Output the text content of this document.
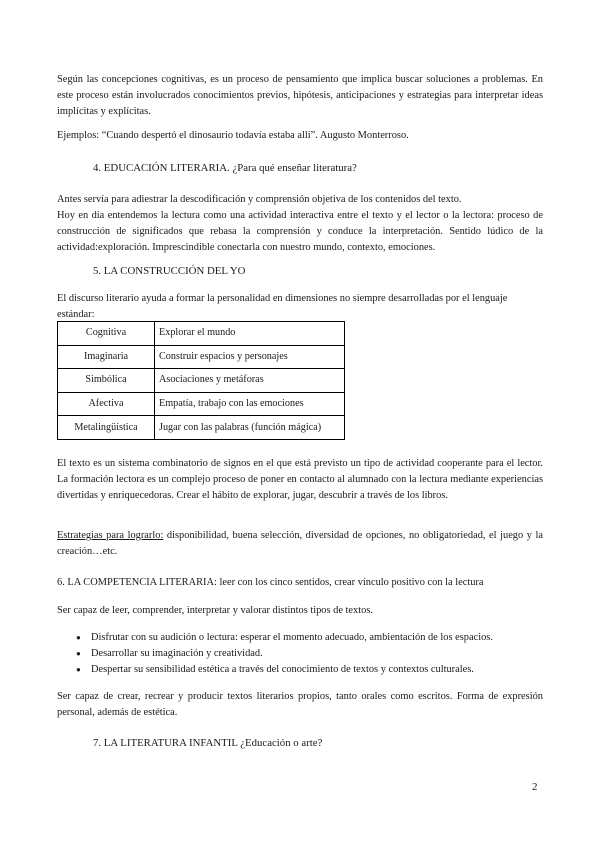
Según las concepciones cognitivas, es un proceso de pensamiento que implica buscar soluciones a problemas. En este proceso están involucrados conocimientos previos, hipótesis, anticipaciones y estrategias para interpretar ideas implícitas y explícitas.

Ejemplos: “Cuando despertó el dinosaurio todavía estaba allí”. Augusto Monterroso.

4. EDUCACIÓN LITERARIA. ¿Para qué enseñar literatura?

Antes servía para adiestrar la descodificación y comprensión objetiva de los contenidos del texto.

Hoy en día entendemos la lectura como una actividad interactiva entre el texto y el lector o la lectora: proceso de construcción de significados que rebasa la comprensión y conduce la interpretación. Sentido lúdico de la actividad:exploración. Imprescindible conectarla con nuestro mundo, contexto, emociones.

5. LA CONSTRUCCIÓN DEL YO

El discurso literario ayuda a formar la personalidad en dimensiones no siempre desarrolladas por el lenguaje estándar:

Cognitiva	Explorar el mundo
Imaginaria	Construir espacios y personajes
Simbólica	Asociaciones y metáforas
Afectiva	Empatía, trabajo con las emociones
Metalingüística	Jugar con las palabras (función mágica)

El texto es un sistema combinatorio de signos en el que está previsto un tipo de actividad cooperante para el lector. La formación lectora es un complejo proceso de poner en contacto al alumnado con la lectura mediante experiencias divertidas y enriquecedoras. Crear el hábito de explorar, jugar, descubrir a través de los libros.

Estrategias para lograrlo: disponibilidad, buena selección, diversidad de opciones, no obligatoriedad, el juego y la creación…etc.

6. LA COMPETENCIA LITERARIA: leer con los cinco sentidos, crear vínculo positivo con la lectura

Ser capaz de leer, comprender, interpretar y valorar distintos tipos de textos.

● Disfrutar con su audición o lectura: esperar el momento adecuado, ambientación de los espacios.
● Desarrollar su imaginación y creatividad.
● Despertar su sensibilidad estética a través del conocimiento de textos y contextos culturales.

Ser capaz de crear, recrear y producir textos literarios propios, tanto orales como escritos. Forma de expresión personal, además de estética.

7. LA LITERATURA INFANTIL ¿Educación o arte?

2
